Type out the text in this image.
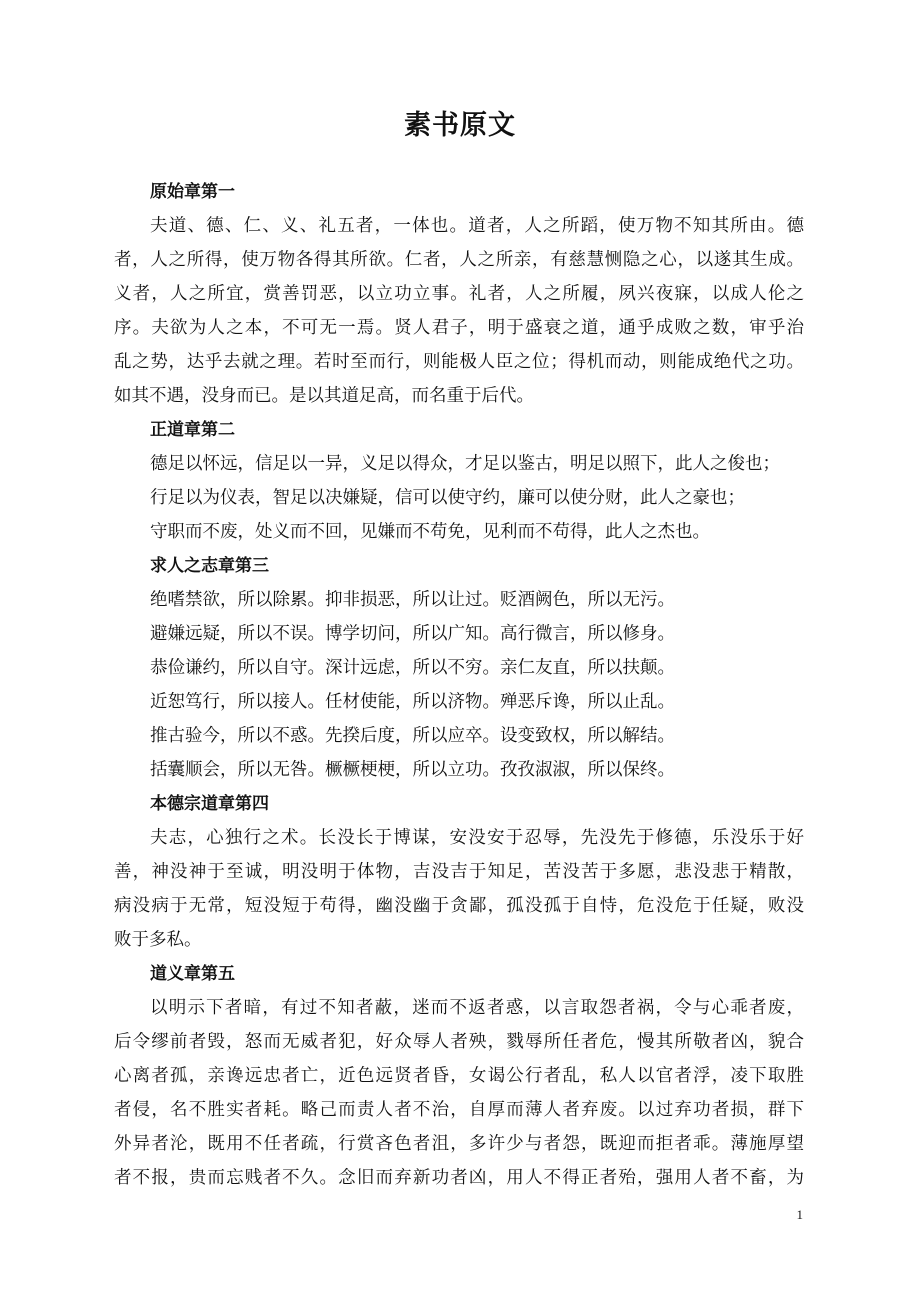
素书原文
原始章第一
夫道、德、仁、义、礼五者，一体也。道者，人之所蹈，使万物不知其所由。德
者，人之所得，使万物各得其所欲。仁者，人之所亲，有慈慧恻隐之心，以遂其生成。
义者，人之所宜，赏善罚恶，以立功立事。礼者，人之所履，夙兴夜寐，以成人伦之
序。夫欲为人之本，不可无一焉。贤人君子，明于盛衰之道，通乎成败之数，审乎治
乱之势，达乎去就之理。若时至而行，则能极人臣之位；得机而动，则能成绝代之功。
如其不遇，没身而已。是以其道足高，而名重于后代。
正道章第二
德足以怀远，信足以一异，义足以得众，才足以鉴古，明足以照下，此人之俊也；
行足以为仪表，智足以决嫌疑，信可以使守约，廉可以使分财，此人之豪也；
守职而不废，处义而不回，见嫌而不苟免，见利而不苟得，此人之杰也。
求人之志章第三
绝嗜禁欲，所以除累。抑非损恶，所以让过。贬酒阙色，所以无污。
避嫌远疑，所以不误。博学切问，所以广知。高行微言，所以修身。
恭俭谦约，所以自守。深计远虑，所以不穷。亲仁友直，所以扶颠。
近恕笃行，所以接人。任材使能，所以济物。殚恶斥谗，所以止乱。
推古验今，所以不惑。先揆后度，所以应卒。设变致权，所以解结。
括囊顺会，所以无咎。橛橛梗梗，所以立功。孜孜淑淑，所以保终。
本德宗道章第四
夫志，心独行之术。长没长于博谋，安没安于忍辱，先没先于修德，乐没乐于好
善，神没神于至诚，明没明于体物，吉没吉于知足，苦没苦于多愿，悲没悲于精散，
病没病于无常，短没短于苟得，幽没幽于贪鄙，孤没孤于自恃，危没危于任疑，败没
败于多私。
道义章第五
以明示下者暗，有过不知者蔽，迷而不返者惑，以言取怨者祸，令与心乖者废，
后令缪前者毁，怒而无威者犯，好众辱人者殃，戮辱所任者危，慢其所敬者凶，貌合
心离者孤，亲谗远忠者亡，近色远贤者昏，女谒公行者乱，私人以官者浮，凌下取胜
者侵，名不胜实者耗。略己而责人者不治，自厚而薄人者弃废。以过弃功者损，群下
外异者沦，既用不任者疏，行赏吝色者沮，多许少与者怨，既迎而拒者乖。薄施厚望
者不报，贵而忘贱者不久。念旧而弃新功者凶，用人不得正者殆，强用人者不畜，为
1
